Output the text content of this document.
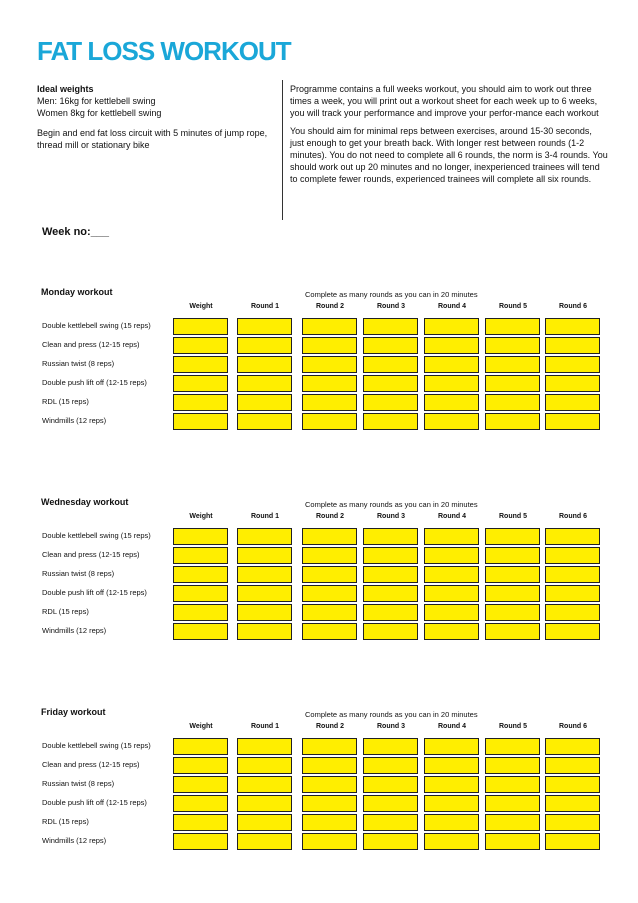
FAT LOSS WORKOUT

Ideal weights
Men: 16kg for kettlebell swing
Women 8kg for kettlebell swing

Begin and end fat loss circuit with 5 minutes of jump rope, thread mill or stationary bike

Programme contains a full weeks workout, you should aim to work out three times a week, you will print out a workout sheet for each week up to 6 weeks, you will track your performance and improve your perfor-mance each workout

You should aim for minimal reps between exercises, around 15-30 seconds, just enough to get your breath back. With longer rest between rounds (1-2 minutes). You do not need to complete all 6 rounds, the norm is 3-4 rounds. You should work out up 20 minutes and no longer, inexperienced trainees will tend to complete fewer rounds, experienced trainees will complete all six rounds.

Week no:___
Monday workout	Complete as many rounds as you can in 20 minutes
Weight	Round 1	Round 2	Round 3	Round 4	Round 5	Round 6
Double kettlebell swing (15 reps)
Clean and press (12-15 reps)
Russian twist (8 reps)
Double push lift off (12-15 reps)
RDL (15 reps)
Windmills (12 reps)
Wednesday workout	Complete as many rounds as you can in 20 minutes
Weight	Round 1	Round 2	Round 3	Round 4	Round 5	Round 6
Double kettlebell swing (15 reps)
Clean and press (12-15 reps)
Russian twist (8 reps)
Double push lift off (12-15 reps)
RDL (15 reps)
Windmills (12 reps)
Friday workout	Complete as many rounds as you can in 20 minutes
Weight	Round 1	Round 2	Round 3	Round 4	Round 5	Round 6
Double kettlebell swing (15 reps)
Clean and press (12-15 reps)
Russian twist (8 reps)
Double push lift off (12-15 reps)
RDL (15 reps)
Windmills (12 reps)
